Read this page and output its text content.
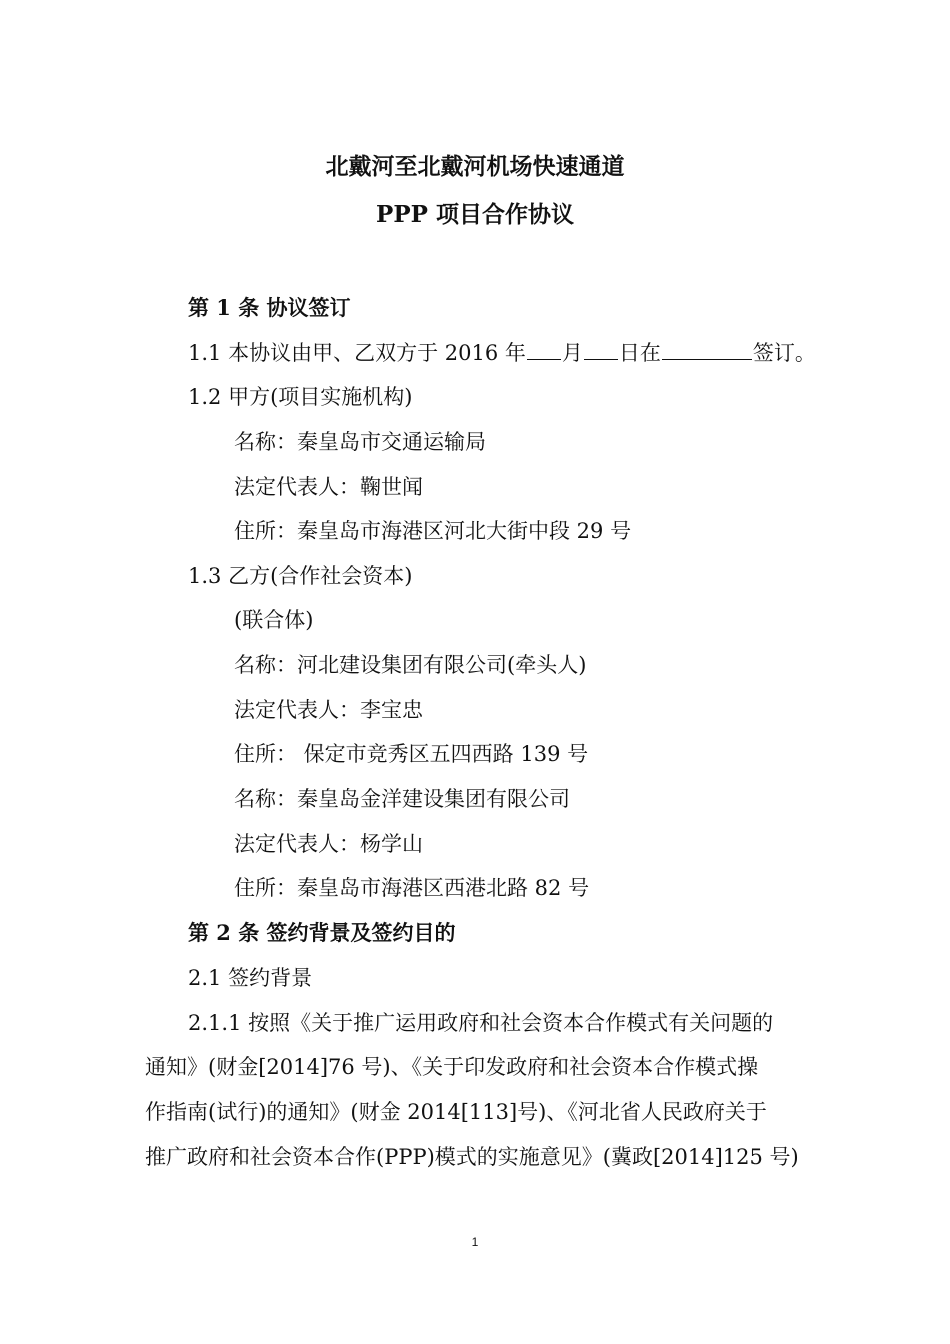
北戴河至北戴河机场快速通道
PPP 项目合作协议
第 1 条 协议签订
1.1 本协议由甲、乙双方于 2016 年 月 日在	签订。
1.2 甲方(项目实施机构)
名称：秦皇岛市交通运输局
法定代表人：鞠世闻
住所：秦皇岛市海港区河北大街中段 29 号
1.3 乙方(合作社会资本)
(联合体)
名称：河北建设集团有限公司(牵头人)
法定代表人：李宝忠
住所： 保定市竞秀区五四西路 139 号
名称：秦皇岛金洋建设集团有限公司
法定代表人：杨学山
住所：秦皇岛市海港区西港北路 82 号
第 2 条 签约背景及签约目的
2.1 签约背景
2.1.1 按照《关于推广运用政府和社会资本合作模式有关问题的
通知》(财金[2014]76 号)、《关于印发政府和社会资本合作模式操
作指南(试行)的通知》(财金 2014[113]号)、《河北省人民政府关于
推广政府和社会资本合作(PPP)模式的实施意见》(冀政[2014]125 号)
1
